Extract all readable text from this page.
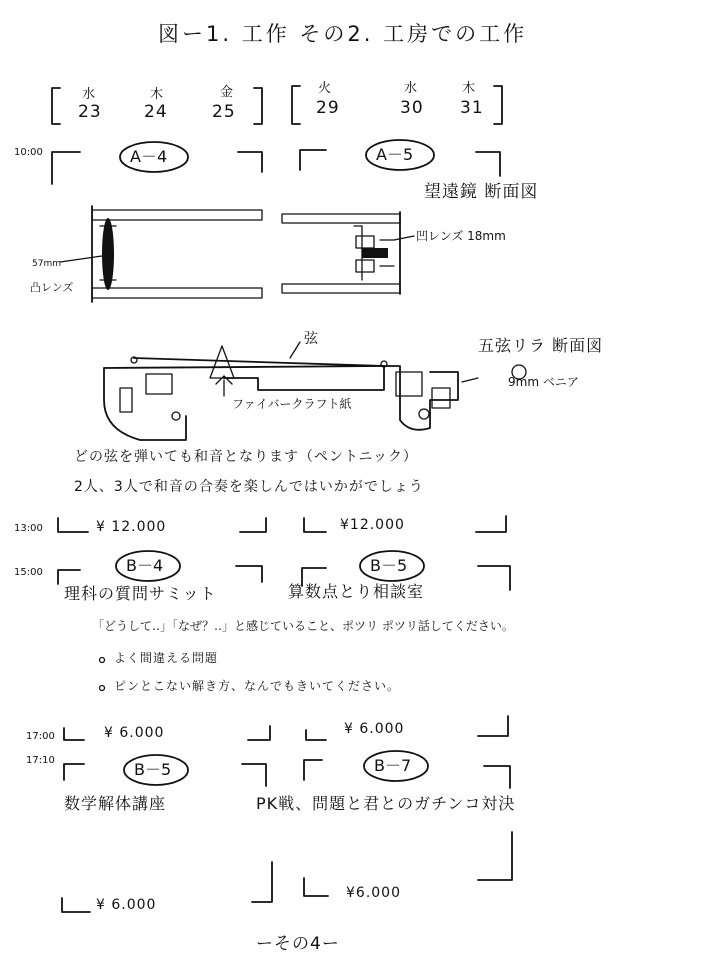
図ー1. 工作 その2. 工房での工作
水	木	金
23 24	25
火	水	木
29	30 31
10:00	A－4	A－5
望遠鏡 断面図
凹レンズ 18mm
57mm
凸レンズ
五弦リラ 断面図
弦
ファイバークラフト紙
9mm ベニア
どの弦を弾いても和音となります（ペントニック）
2人、3人で和音の合奏を楽しんではいかがでしょう
13:00	¥ 12.000	¥12.000
15:00	B－4	B－5
理科の質問サミット	算数点とり相談室
「どうして‥」「なぜ？‥」と感じていること、ポツリ ポツリ話してください。
よく間違える問題
ピンとこない解き方、なんでもきいてください。
17:00	¥ 6.000	¥ 6.000
17:10	B－5	B－7
数学解体講座	PK戦、問題と君とのガチンコ対決
¥ 6.000
¥6.000
ーその4ー
